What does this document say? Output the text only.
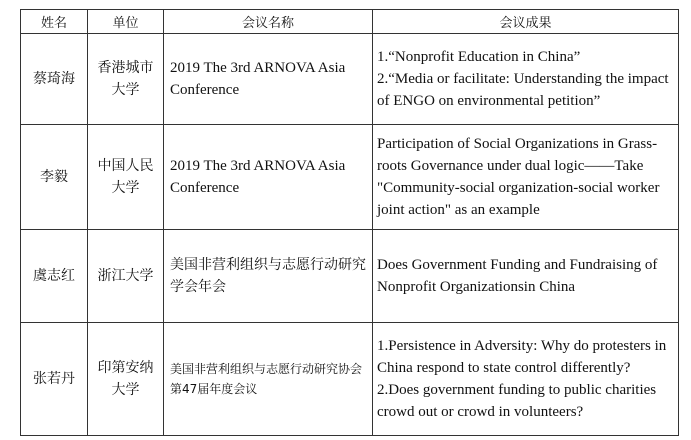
姓名	单位	会议名称	会议成果
蔡琦海	香港城市大学	2019 The 3rd ARNOVA Asia Conference	1.“Nonprofit Education in China”
2.“Media or facilitate: Understanding the impact of ENGO on environmental petition”

李毅	中国人民大学	2019 The 3rd ARNOVA Asia Conference	Participation of Social Organizations in Grass-roots Governance under dual logic——Take "Community-social organization-social worker joint action" as an example

虞志红	浙江大学	美国非营利组织与志愿行动研究学会年会	Does Government Funding and Fundraising of Nonprofit Organizationsin China

张若丹	印第安纳大学	美国非营利组织与志愿行动研究协会第47届年度会议	1.Persistence in Adversity: Why do protesters in China respond to state control differently?
2.Does government funding to public charities crowd out or crowd in volunteers?
